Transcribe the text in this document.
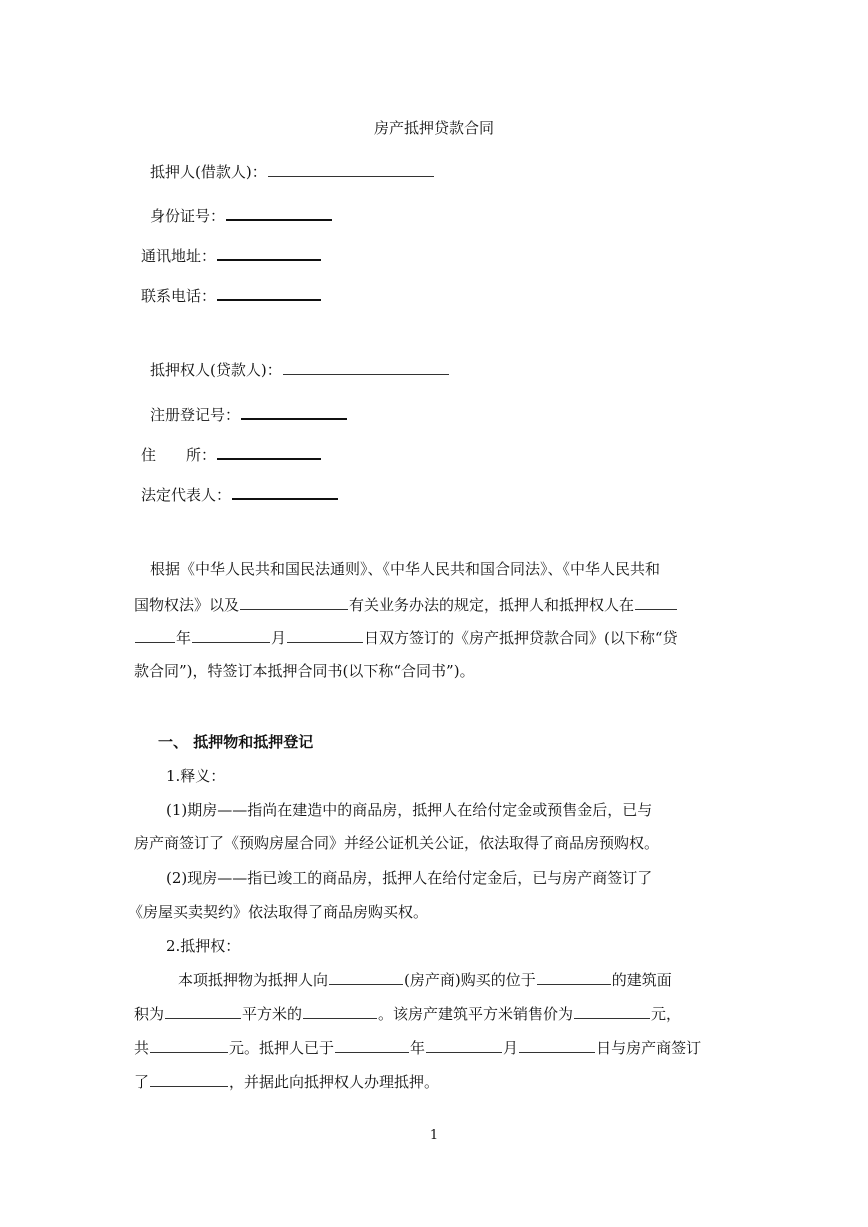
房产抵押贷款合同
抵押人(借款人)：
身份证号：
通讯地址：
联系电话：
抵押权人(贷款人)：
注册登记号：
住　　所：
法定代表人：
根据《中华人民共和国民法通则》、《中华人民共和国合同法》、《中华人民共和
国物权法》以及	有关业务办法的规定，抵押人和抵押权人在
年	月	日双方签订的《房产抵押贷款合同》(以下称“贷
款合同”)，特签订本抵押合同书(以下称“合同书”)。
一、 抵押物和抵押登记
1.释义：
(1)期房——指尚在建造中的商品房，抵押人在给付定金或预售金后，已与
房产商签订了《预购房屋合同》并经公证机关公证，依法取得了商品房预购权。
(2)现房——指已竣工的商品房，抵押人在给付定金后，已与房产商签订了
《房屋买卖契约》依法取得了商品房购买权。
2.抵押权：
本项抵押物为抵押人向	(房产商)购买的位于	的建筑面
积为	平方米的	。该房产建筑平方米销售价为	元，
共	元。抵押人已于	年	月	日与房产商签订
了	，并据此向抵押权人办理抵押。
1
